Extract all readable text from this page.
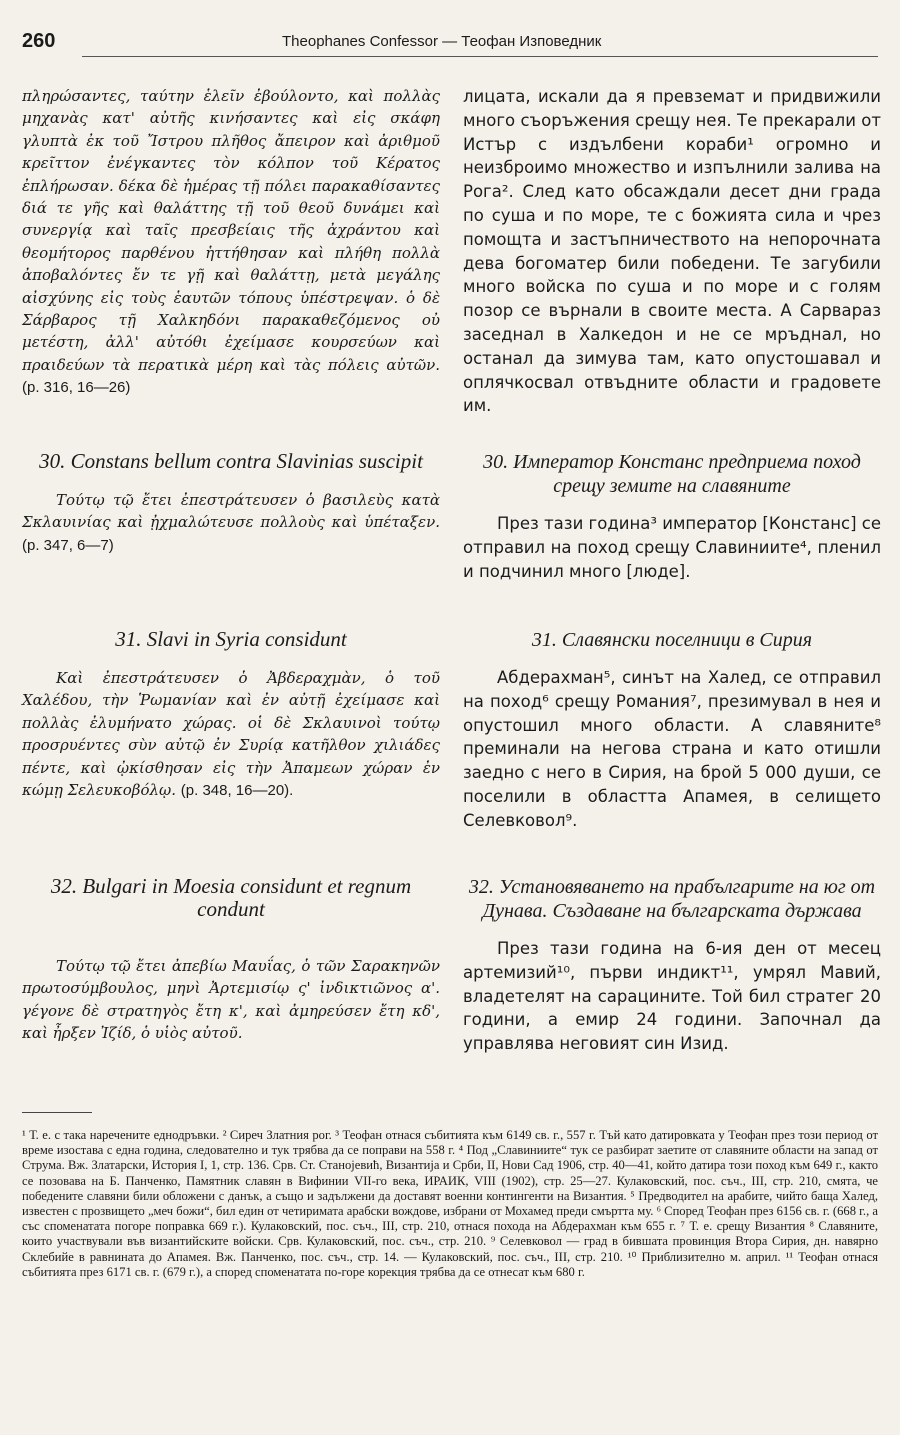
260	Theophanes Confessor — Теофан Изповедник

πληρώσαντες, ταύτην ἑλεῖν ἐβούλοντο, καὶ πολλὰς μηχανὰς κατ' αὐτῆς κινήσαντες καὶ εἰς σκάφη γλυπτὰ ἐκ τοῦ Ἴστρου πλῆθος ἄπειρον καὶ ἀριθμοῦ κρεῖττον ἐνέγκαντες τὸν κόλπον τοῦ Κέρατος ἐπλήρωσαν. δέκα δὲ ἡμέρας τῇ πόλει παρακαθίσαντες διά τε γῆς καὶ θαλάττης τῇ τοῦ θεοῦ δυνάμει καὶ συνεργίᾳ καὶ ταῖς πρεσβείαις τῆς ἀχράντου καὶ θεομήτορος παρθένου ἡττήθησαν καὶ πλήθη πολλὰ ἀποβαλόντες ἔν τε γῇ καὶ θαλάττῃ, μετὰ μεγάλης αἰσχύνης εἰς τοὺς ἑαυτῶν τόπους ὑπέστρεψαν. ὁ δὲ Σάρβαρος τῇ Χαλκηδόνι παρακαθεζόμενος οὐ μετέστη, ἀλλ' αὐτόθι ἐχείμασε κουρσεύων καὶ πραιδεύων τὰ περατικὰ μέρη καὶ τὰς πόλεις αὐτῶν. (p. 316, 16—26)

30. Constans bellum contra Slavinias suscipit

Τούτῳ τῷ ἔτει ἐπεστράτευσεν ὁ βασιλεὺς κατὰ Σκλαυινίας καὶ ᾐχμαλώτευσε πολλοὺς καὶ ὑπέταξεν. (p. 347, 6—7)

31. Slavi in Syria considunt

Καὶ ἐπεστράτευσεν ὁ Ἀβδεραχμὰν, ὁ τοῦ Χαλέδου, τὴν Ῥωμανίαν καὶ ἐν αὐτῇ ἐχείμασε καὶ πολλὰς ἐλυμήνατο χώρας. οἱ δὲ Σκλαυινοὶ τούτῳ προσρυέντες σὺν αὐτῷ ἐν Συρίᾳ κατῆλθον χιλιάδες πέντε, καὶ ᾠκίσθησαν εἰς τὴν Ἀπαμεων χώραν ἐν κώμῃ Σελευκοβόλῳ. (p. 348, 16—20).

32. Bulgari in Moesia considunt et regnum condunt

Τούτῳ τῷ ἔτει ἀπεβίω Μαυΐας, ὁ τῶν Σαρακηνῶν πρωτοσύμβουλος, μηνὶ Ἀρτεμισίῳ ς' ἰνδικτιῶνος α'. γέγονε δὲ στρατηγὸς ἔτη κ', καὶ ἀμηρεύσεν ἔτη κδ', καὶ ἦρξεν Ἰζίδ, ὁ υἱὸς αὐτοῦ.

лицата, искали да я превземат и придвижили много съоръжения срещу нея. Те прекарали от Истър с издълбени кораби¹ огромно и неизброимо множество и изпълнили залива на Рога². След като обсаждали десет дни града по суша и по море, те с божията сила и чрез помощта и застъпничеството на непорочната дева богоматер били победени. Те загубили много войска по суша и по море и с голям позор се върнали в своите места. А Сарвараз заседнал в Халкедон и не се мръднал, но останал да зимува там, като опустошавал и оплячкосвал отвъдните области и градовете им.

30. Император Констанс предприема поход срещу земите на славяните

През тази година³ император [Констанс] се отправил на поход срещу Славиниите⁴, пленил и подчинил много [люде].

31. Славянски поселници в Сирия

Абдерахман⁵, синът на Халед, се отправил на поход⁶ срещу Романия⁷, презимувал в нея и опустошил много области. А славяните⁸ преминали на негова страна и като отишли заедно с него в Сирия, на брой 5 000 души, се поселили в областта Апамея, в селището Селевковол⁹.

32. Установяването на прабългарите на юг от Дунава. Създаване на българската държава

През тази година на 6-ия ден от месец артемизий¹⁰, първи индикт¹¹, умрял Мавий, владетелят на сарацините. Той бил стратег 20 години, а емир 24 години. Започнал да управлява неговият син Изид.

¹ Т. е. с така наречените еднодръвки. ² Сиреч Златния рог. ³ Теофан отнася събитията към 6149 св. г., 557 г. Тъй като датировката у Теофан през този период от време изостава с една година, следователно и тук трябва да се поправи на 558 г. ⁴ Под „Славиниите“ тук се разбират заетите от славяните области на запад от Струма. Вж. Златарски, История I, 1, стр. 136. Срв. Ст. Станојевић, Византија и Срби, II, Нови Сад 1906, стр. 40—41, който датира този поход към 649 г., както се позовава на Б. Панченко, Памятник славян в Вифинии VII-го века, ИРАИК, VIII (1902), стр. 25—27. Кулаковский, пос. съч., III, стр. 210, смята, че победените славяни били обложени с данък, а също и задължени да доставят военни контингенти на Византия. ⁵ Предводител на арабите, чийто баща Халед, известен с прозвището „меч божи“, бил един от четиримата арабски вождове, избрани от Мохамед преди смъртта му. ⁶ Според Теофан през 6156 св. г. (668 г., а със споменатата погоре поправка 669 г.). Кулаковский, пос. съч., III, стр. 210, отнася похода на Абдерахман към 655 г. ⁷ Т. е. срещу Византия ⁸ Славяните, които участвували във византийските войски. Срв. Кулаковский, пос. съч., стр. 210. ⁹ Селевковол — град в бившата провинция Втора Сирия, дн. навярно Склебийе в равнината до Апамея. Вж. Панченко, пос. съч., стр. 14. — Кулаковский, пос. съч., III, стр. 210. ¹⁰ Приблизително м. април. ¹¹ Теофан отнася събитията през 6171 св. г. (679 г.), а според споменатата по-горе корекция трябва да се отнесат към 680 г.
